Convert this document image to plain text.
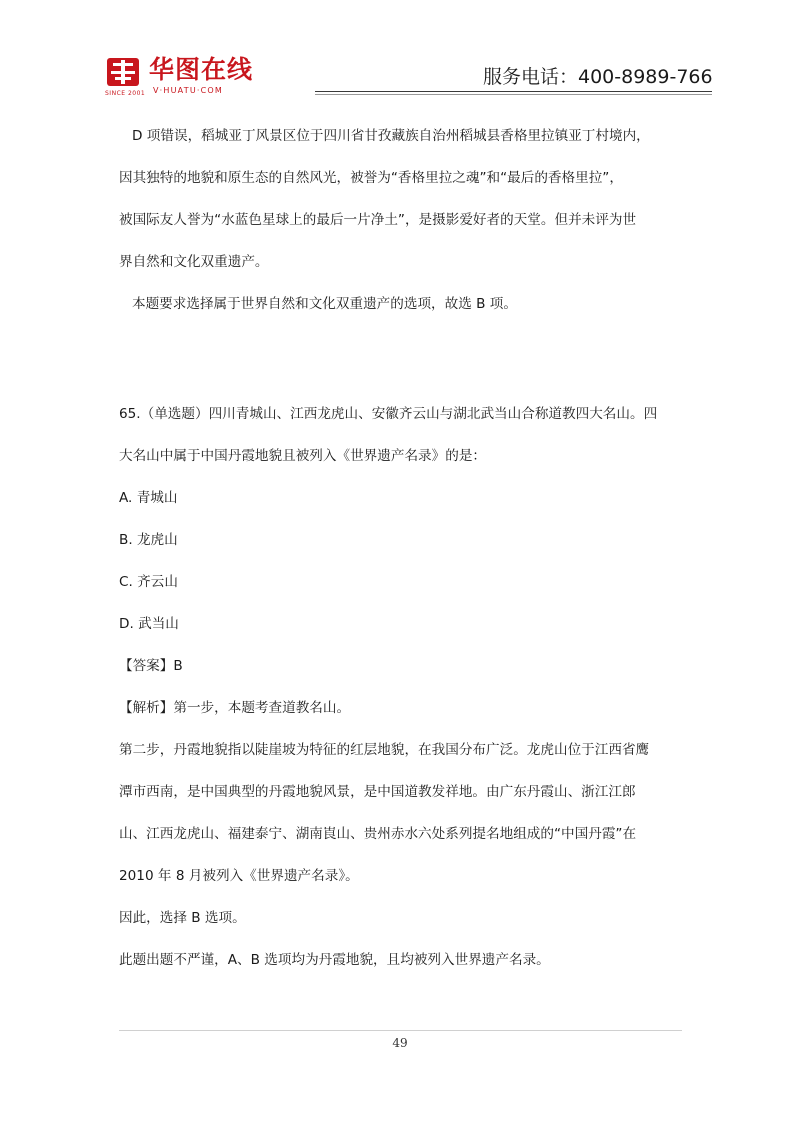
SINCE 2001
华图在线
V·HUATU·COM
服务电话：400-8989-766
D 项错误，稻城亚丁风景区位于四川省甘孜藏族自治州稻城县香格里拉镇亚丁村境内，
因其独特的地貌和原生态的自然风光，被誉为“香格里拉之魂”和“最后的香格里拉”，
被国际友人誉为“水蓝色星球上的最后一片净土”，是摄影爱好者的天堂。但并未评为世
界自然和文化双重遗产。
本题要求选择属于世界自然和文化双重遗产的选项，故选 B 项。
65.（单选题）四川青城山、江西龙虎山、安徽齐云山与湖北武当山合称道教四大名山。四
大名山中属于中国丹霞地貌且被列入《世界遗产名录》的是：
A. 青城山
B. 龙虎山
C. 齐云山
D. 武当山
【答案】B
【解析】第一步，本题考查道教名山。
第二步，丹霞地貌指以陡崖坡为特征的红层地貌，在我国分布广泛。龙虎山位于江西省鹰
潭市西南，是中国典型的丹霞地貌风景，是中国道教发祥地。由广东丹霞山、浙江江郎
山、江西龙虎山、福建泰宁、湖南崀山、贵州赤水六处系列提名地组成的“中国丹霞”在
2010 年 8 月被列入《世界遗产名录》。
因此，选择 B 选项。
此题出题不严谨，A、B 选项均为丹霞地貌，且均被列入世界遗产名录。
49
